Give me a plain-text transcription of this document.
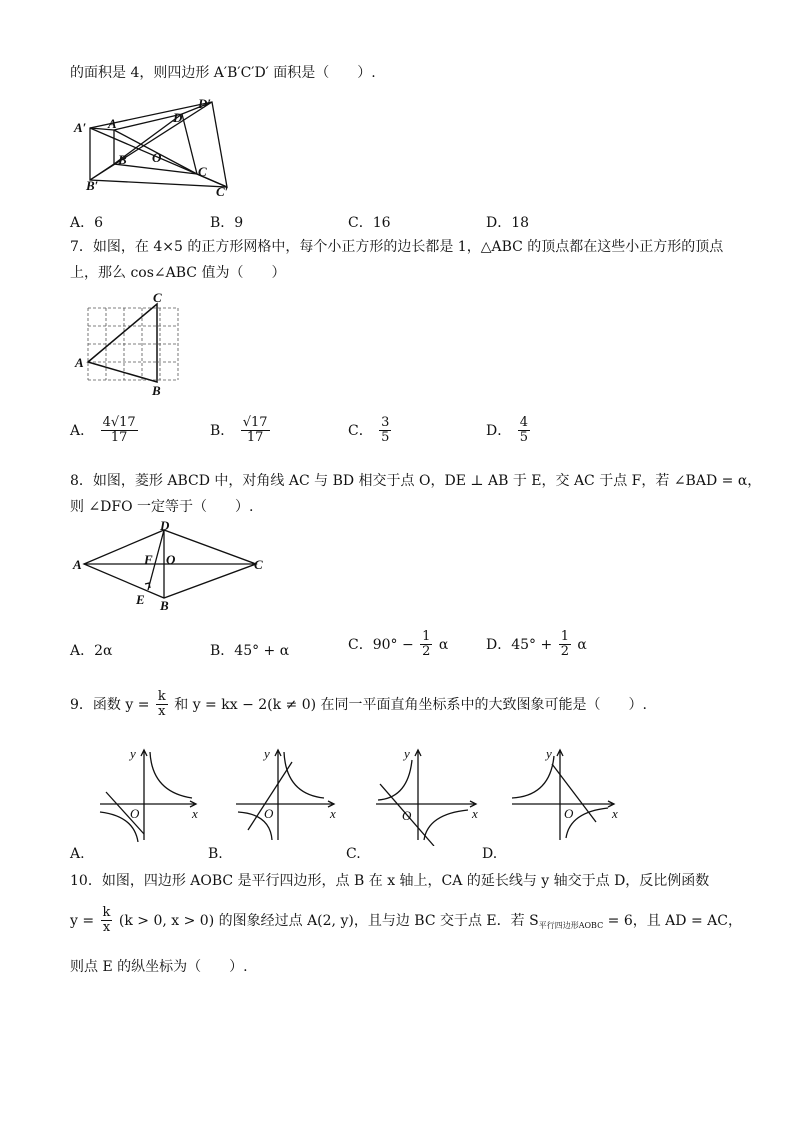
的面积是 4，则四边形 A′B′C′D′ 面积是（　　）.
A′ A	D
D′
B O
C
B′	C′
A．6	B．9	C．16	D．18
7．如图，在 4×5 的正方形网格中，每个小正方形的边长都是 1，△ABC 的顶点都在这些小正方形的顶点
上，那么 cos∠ABC 值为（　　）
C
A
B
A． $\frac{4√17}{17}$	B． $\frac{√17}{17}$	C． $\frac{3}{5}$	D． $\frac{4}{5}$
8．如图，菱形 ABCD 中，对角线 AC 与 BD 相交于点 O，DE ⊥ AB 于 E，交 AC 于点 F，若 ∠BAD = α，
则 ∠DFO 一定等于（　　）.
A
D
F O	C
E B
A．2α	B．45° + α	C．$90^\circ - \frac{1}{2}$ α	D．$45^\circ + \frac{1}{2}$ α
9．函数 $y = \frac{k}{x}$ 和 y = kx − 2(k ≠ 0) 在同一平面直角坐标系中的大致图象可能是（　　）.
y
x
O
y
x
O
y
x
O
y
x
O
A.	B.	C.	D.
10．如图，四边形 AOBC 是平行四边形，点 B 在 x 轴上，CA 的延长线与 y 轴交于点 D，反比例函数
$y = \frac{k}{x} (k > 0$, x > 0) 的图象经过点 A(2, y)，且与边 BC 交于点 E．若 $S_{平行四边形AOBC} = 6$，且 AD = AC，
则点 E 的纵坐标为（　　）.
